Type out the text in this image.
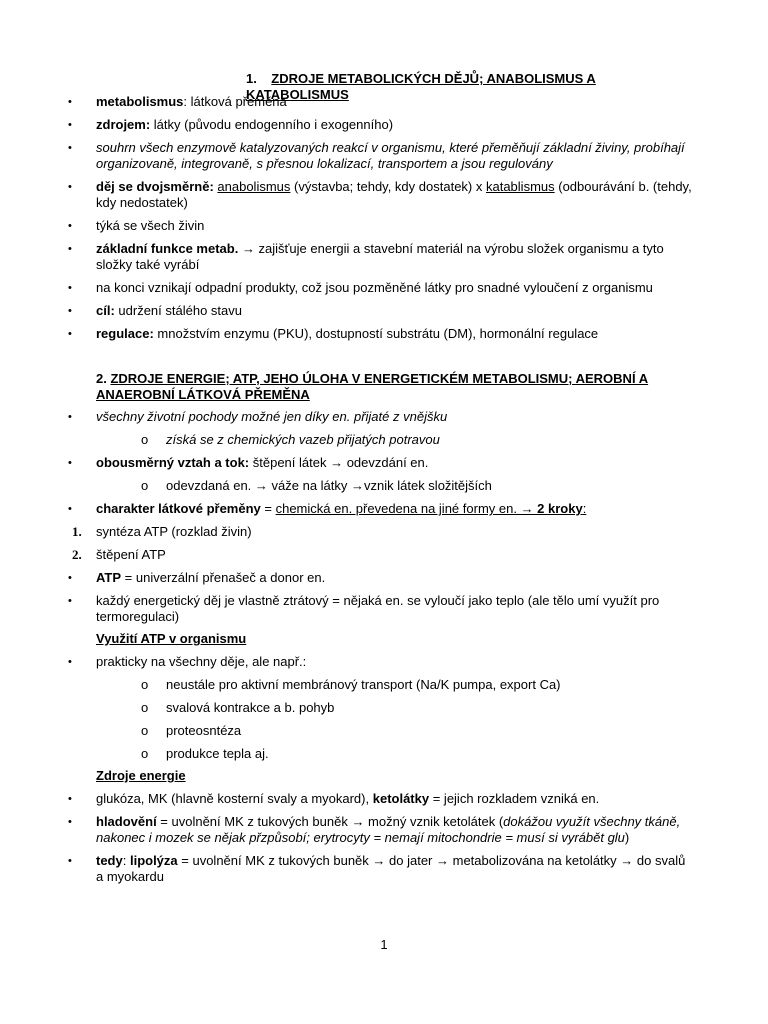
1. ZDROJE METABOLICKÝCH DĚJŮ; ANABOLISMUS A KATABOLISMUS
•	metabolismus: látková přeměna
•	zdrojem: látky (původu endogenního i exogenního)
•	souhrn všech enzymově katalyzovaných reakcí v organismu, které přeměňují základní živiny, probíhají organizovaně, integrovaně, s přesnou lokalizací, transportem a jsou regulovány
•	děj se dvojsměrně: anabolismus (výstavba; tehdy, kdy dostatek) x katablismus (odbourávání b. (tehdy, kdy nedostatek)
•	týká se všech živin
•	základní funkce metab. → zajišťuje energii a stavební materiál na výrobu složek organismu a tyto složky také vyrábí
•	na konci vznikají odpadní produkty, což jsou pozměněné látky pro snadné vyloučení z organismu
•	cíl: udržení stálého stavu
•	regulace: množstvím enzymu (PKU), dostupností substrátu (DM), hormonální regulace
2. ZDROJE ENERGIE; ATP, JEHO ÚLOHA V ENERGETICKÉM METABOLISMU; AEROBNÍ A ANAEROBNÍ LÁTKOVÁ PŘEMĚNA
•	všechny životní pochody možné jen díky en. přijaté z vnějšku
o získá se z chemických vazeb přijatých potravou
•	obousměrný vztah a tok: štěpení látek → odevzdání en.
o odevzdaná en. → váže na látky →vznik látek složitějších
•	charakter látkové přeměny = chemická en. převedena na jiné formy en. → 2 kroky:
1. syntéza ATP (rozklad živin)
2. štěpení ATP
•	ATP = univerzální přenašeč a donor en.
•	každý energetický děj je vlastně ztrátový = nějaká en. se vyloučí jako teplo (ale tělo umí využít pro termoregulaci)
Využití ATP v organismu
•	prakticky na všechny děje, ale např.:
o neustále pro aktivní membránový transport (Na/K pumpa, export Ca)
o svalová kontrakce a b. pohyb
o proteosntéza
o produkce tepla aj.
Zdroje energie
•	glukóza, MK (hlavně kosterní svaly a myokard), ketolátky = jejich rozkladem vzniká en.
•	hladovění = uvolnění MK z tukových buněk → možný vznik ketolátek (dokážou využít všechny tkáně, nakonec i mozek se nějak přzpůsobí; erytrocyty = nemají mitochondrie = musí si vyrábět glu)
•	tedy: lipolýza = uvolnění MK z tukových buněk → do jater → metabolizována na ketolátky → do svalů a myokardu
1
